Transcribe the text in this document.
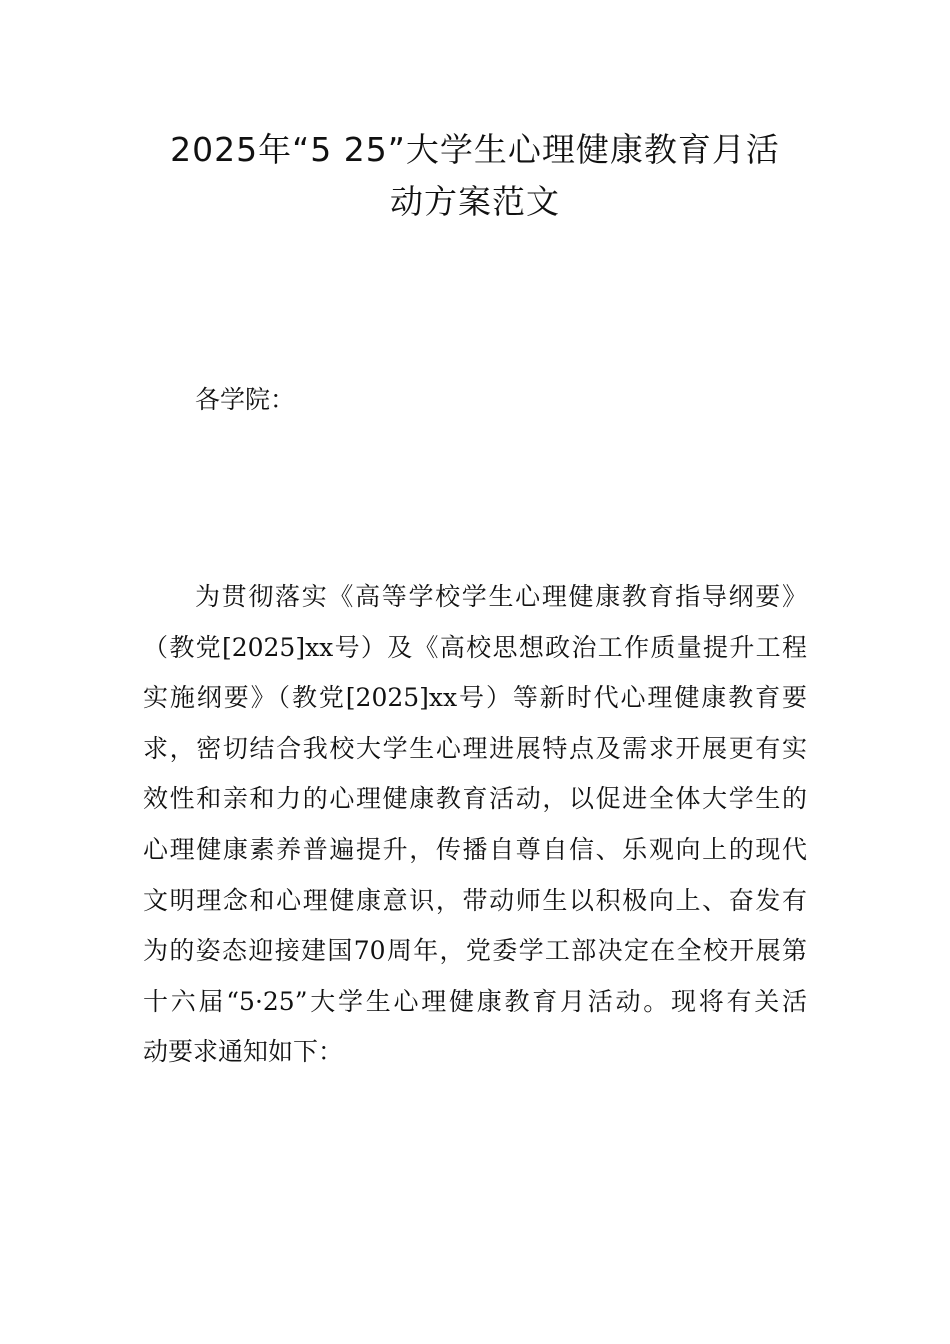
2025年“5 25”大学生心理健康教育月活
动方案范文

各学院：

为贯彻落实《高等学校学生心理健康教育指导纲要》
（教党[2025]xx号）及《高校思想政治工作质量提升工程
实施纲要》（教党[2025]xx号）等新时代心理健康教育要
求，密切结合我校大学生心理进展特点及需求开展更有实
效性和亲和力的心理健康教育活动，以促进全体大学生的
心理健康素养普遍提升，传播自尊自信、乐观向上的现代
文明理念和心理健康意识，带动师生以积极向上、奋发有
为的姿态迎接建国70周年，党委学工部决定在全校开展第
十六届“5·25”大学生心理健康教育月活动。现将有关活
动要求通知如下：
